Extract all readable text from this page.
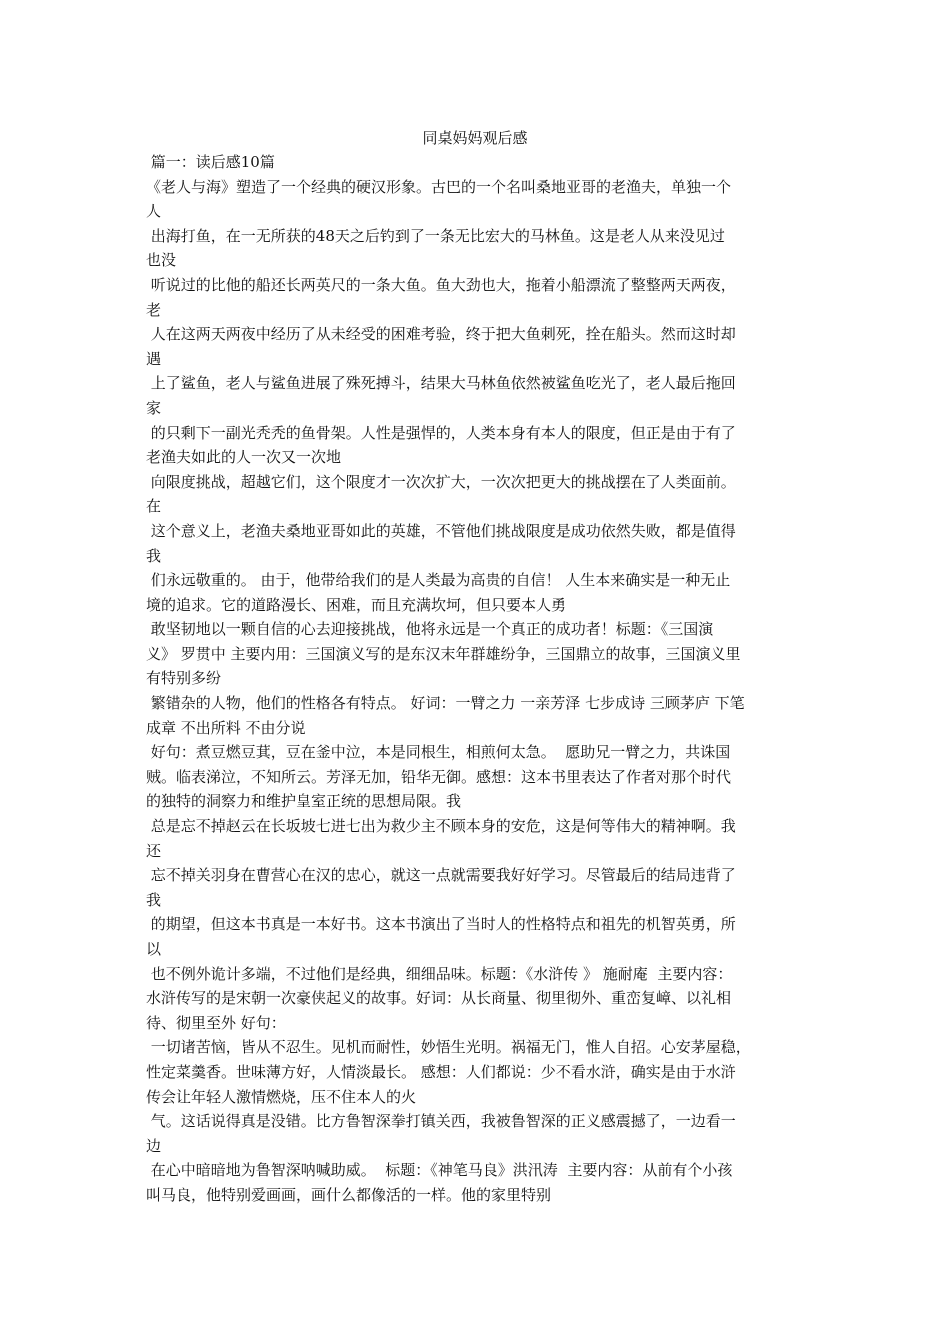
同桌妈妈观后感
篇一：读后感10篇
《老人与海》塑造了一个经典的硬汉形象。古巴的一个名叫桑地亚哥的老渔夫，单独一个
人
出海打鱼，在一无所获的48天之后钓到了一条无比宏大的马林鱼。这是老人从来没见过
也没
听说过的比他的船还长两英尺的一条大鱼。鱼大劲也大，拖着小船漂流了整整两天两夜，
老
人在这两天两夜中经历了从未经受的困难考验，终于把大鱼刺死，拴在船头。然而这时却
遇
上了鲨鱼，老人与鲨鱼进展了殊死搏斗，结果大马林鱼依然被鲨鱼吃光了，老人最后拖回
家
的只剩下一副光秃秃的鱼骨架。人性是强悍的，人类本身有本人的限度，但正是由于有了
老渔夫如此的人一次又一次地
向限度挑战，超越它们，这个限度才一次次扩大，一次次把更大的挑战摆在了人类面前。
在
这个意义上，老渔夫桑地亚哥如此的英雄，不管他们挑战限度是成功依然失败，都是值得
我
们永远敬重的。 由于，他带给我们的是人类最为高贵的自信！ 人生本来确实是一种无止
境的追求。它的道路漫长、困难，而且充满坎坷，但只要本人勇
敢坚韧地以一颗自信的心去迎接挑战，他将永远是一个真正的成功者！标题：《三国演
义》 罗贯中 主要内用：三国演义写的是东汉末年群雄纷争，三国鼎立的故事，三国演义里
有特别多纷
繁错杂的人物，他们的性格各有特点。 好词：一臂之力 一亲芳泽 七步成诗 三顾茅庐 下笔
成章 不出所料 不由分说
好句：煮豆燃豆萁，豆在釜中泣，本是同根生，相煎何太急。  愿助兄一臂之力，共诛国
贼。临表涕泣，不知所云。芳泽无加，铅华无御。感想：这本书里表达了作者对那个时代
的独特的洞察力和维护皇室正统的思想局限。我
总是忘不掉赵云在长坂坡七进七出为救少主不顾本身的安危，这是何等伟大的精神啊。我
还
忘不掉关羽身在曹营心在汉的忠心，就这一点就需要我好好学习。尽管最后的结局违背了
我
的期望，但这本书真是一本好书。这本书演出了当时人的性格特点和祖先的机智英勇，所
以
也不例外诡计多端，不过他们是经典，细细品味。标题：《水浒传 》 施耐庵  主要内容：
水浒传写的是宋朝一次豪侠起义的故事。好词：从长商量、彻里彻外、重峦复嶂、以礼相
待、彻里至外 好句：
一切诸苦恼，皆从不忍生。见机而耐性，妙悟生光明。祸福无门，惟人自招。心安茅屋稳，
性定菜羹香。世味薄方好，人情淡最长。 感想：人们都说：少不看水浒，确实是由于水浒
传会让年轻人激情燃烧，压不住本人的火
气。这话说得真是没错。比方鲁智深拳打镇关西，我被鲁智深的正义感震撼了，一边看一
边
在心中暗暗地为鲁智深呐喊助威。  标题：《神笔马良》洪汛涛  主要内容：从前有个小孩
叫马良，他特别爱画画，画什么都像活的一样。他的家里特别
